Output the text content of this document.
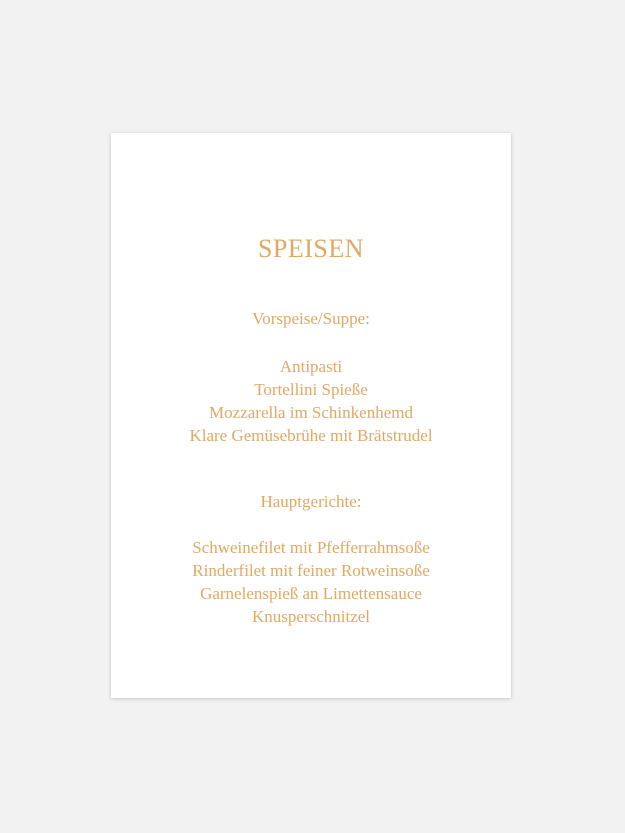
SPEISEN
Vorspeise/Suppe:
Antipasti
Tortellini Spieße
Mozzarella im Schinkenhemd
Klare Gemüsebrühe mit Brätstrudel
Hauptgerichte:
Schweinefilet mit Pfefferrahmsoße
Rinderfilet mit feiner Rotweinsoße
Garnelenspieß an Limettensauce
Knusperschnitzel
